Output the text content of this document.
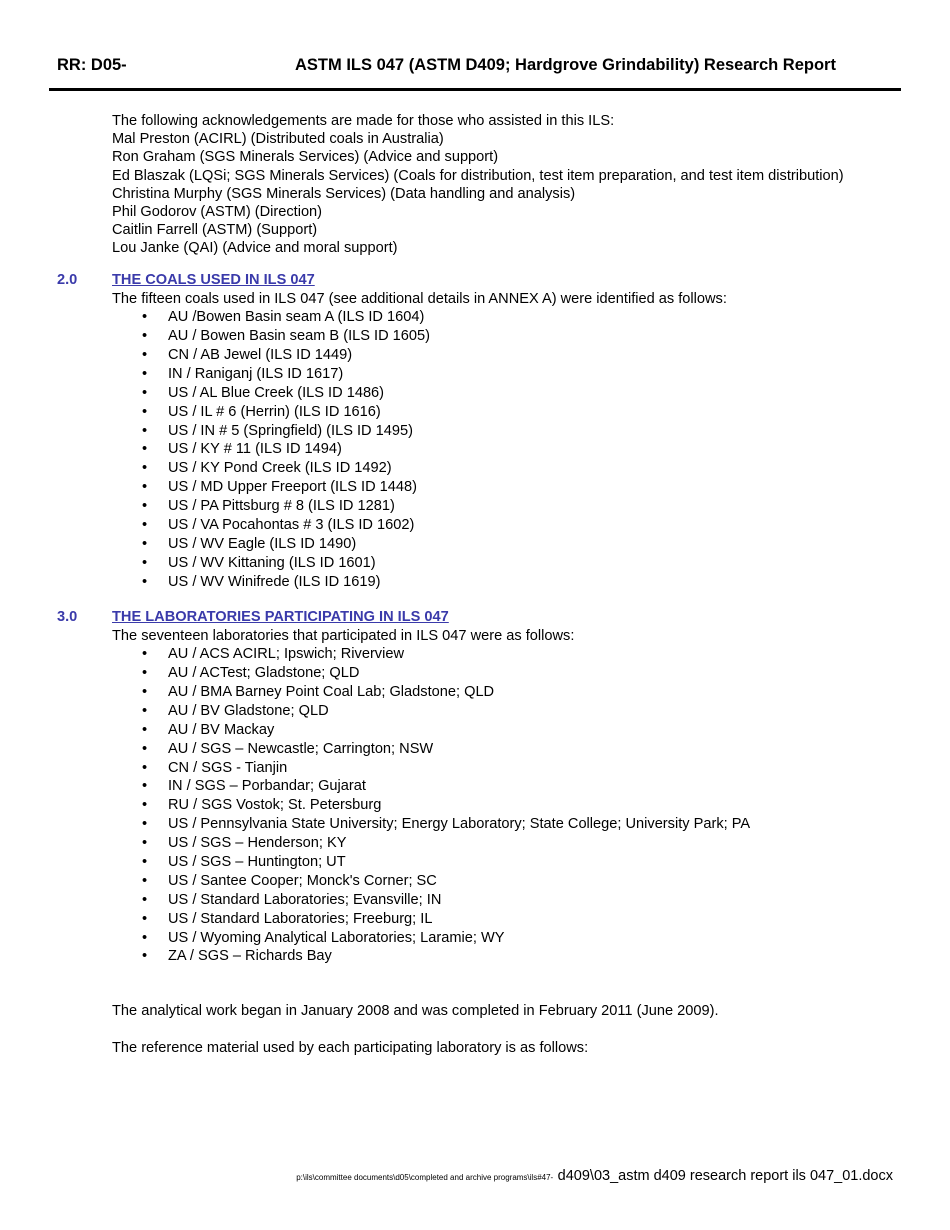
RR: D05-	ASTM ILS 047 (ASTM D409; Hardgrove Grindability) Research Report
The following acknowledgements are made for those who assisted in this ILS:
Mal Preston (ACIRL) (Distributed coals in Australia)
Ron Graham (SGS Minerals Services) (Advice and support)
Ed Blaszak (LQSi; SGS Minerals Services) (Coals for distribution, test item preparation, and test item distribution)
Christina Murphy (SGS Minerals Services) (Data handling and analysis)
Phil Godorov (ASTM) (Direction)
Caitlin Farrell (ASTM) (Support)
Lou Janke (QAI) (Advice and moral support)
2.0 THE COALS USED IN ILS 047
The fifteen coals used in ILS 047 (see additional details in ANNEX A) were identified as follows:
• AU /Bowen Basin seam A (ILS ID 1604)
• AU / Bowen Basin seam B (ILS ID 1605)
• CN / AB Jewel (ILS ID 1449)
• IN / Raniganj (ILS ID 1617)
• US / AL Blue Creek (ILS ID 1486)
• US / IL # 6 (Herrin) (ILS ID 1616)
• US / IN # 5 (Springfield) (ILS ID 1495)
• US / KY # 11 (ILS ID 1494)
• US / KY Pond Creek (ILS ID 1492)
• US / MD Upper Freeport (ILS ID 1448)
• US / PA Pittsburg # 8 (ILS ID 1281)
• US / VA Pocahontas # 3 (ILS ID 1602)
• US / WV Eagle (ILS ID 1490)
• US / WV Kittaning (ILS ID 1601)
• US / WV Winifrede (ILS ID 1619)
3.0 THE LABORATORIES PARTICIPATING IN ILS 047
The seventeen laboratories that participated in ILS 047 were as follows:
• AU / ACS ACIRL; Ipswich; Riverview
• AU / ACTest; Gladstone; QLD
• AU / BMA Barney Point Coal Lab; Gladstone; QLD
• AU / BV Gladstone; QLD
• AU / BV Mackay
• AU / SGS – Newcastle; Carrington; NSW
• CN / SGS - Tianjin
• IN / SGS – Porbandar; Gujarat
• RU / SGS Vostok; St. Petersburg
• US / Pennsylvania State University; Energy Laboratory; State College; University Park; PA
• US / SGS – Henderson; KY
• US / SGS – Huntington; UT
• US / Santee Cooper; Monck's Corner; SC
• US / Standard Laboratories; Evansville; IN
• US / Standard Laboratories; Freeburg; IL
• US / Wyoming Analytical Laboratories; Laramie; WY
• ZA / SGS – Richards Bay
The analytical work began in January 2008 and was completed in February 2011 (June 2009).
The reference material used by each participating laboratory is as follows:
p:\ils\committee documents\d05\completed and archive programs\ils#47- d409\03_astm d409 research report ils 047_01.docx
